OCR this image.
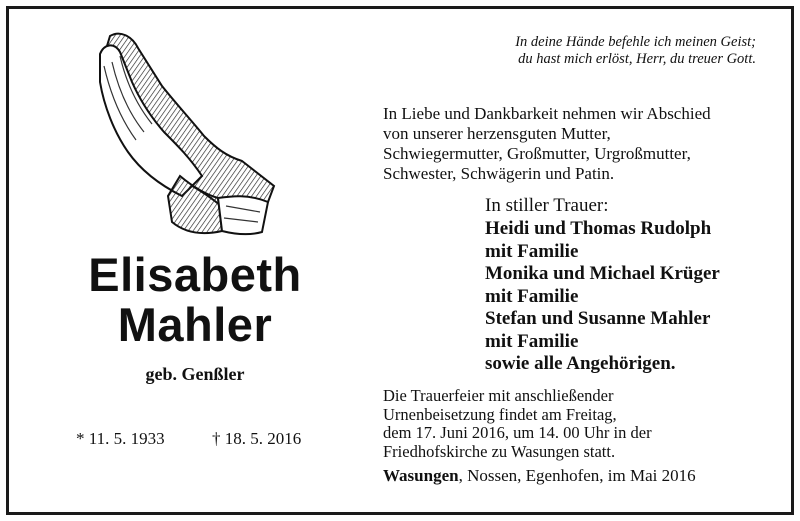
In deine Hände befehle ich meinen Geist;
du hast mich erlöst, Herr, du treuer Gott.
Elisabeth
Mahler
geb. Genßler
* 11. 5. 1933	† 18. 5. 2016
In Liebe und Dankbarkeit nehmen wir Abschied
von unserer herzensguten Mutter,
Schwiegermutter, Großmutter, Urgroßmutter,
Schwester, Schwägerin und Patin.
In stiller Trauer:
Heidi und Thomas Rudolph
mit Familie
Monika und Michael Krüger
mit Familie
Stefan und Susanne Mahler
mit Familie
sowie alle Angehörigen.
Die Trauerfeier mit anschließender
Urnenbeisetzung findet am Freitag,
dem 17. Juni 2016, um 14. 00 Uhr in der
Friedhofskirche zu Wasungen statt.
Wasungen, Nossen, Egenhofen, im Mai 2016
